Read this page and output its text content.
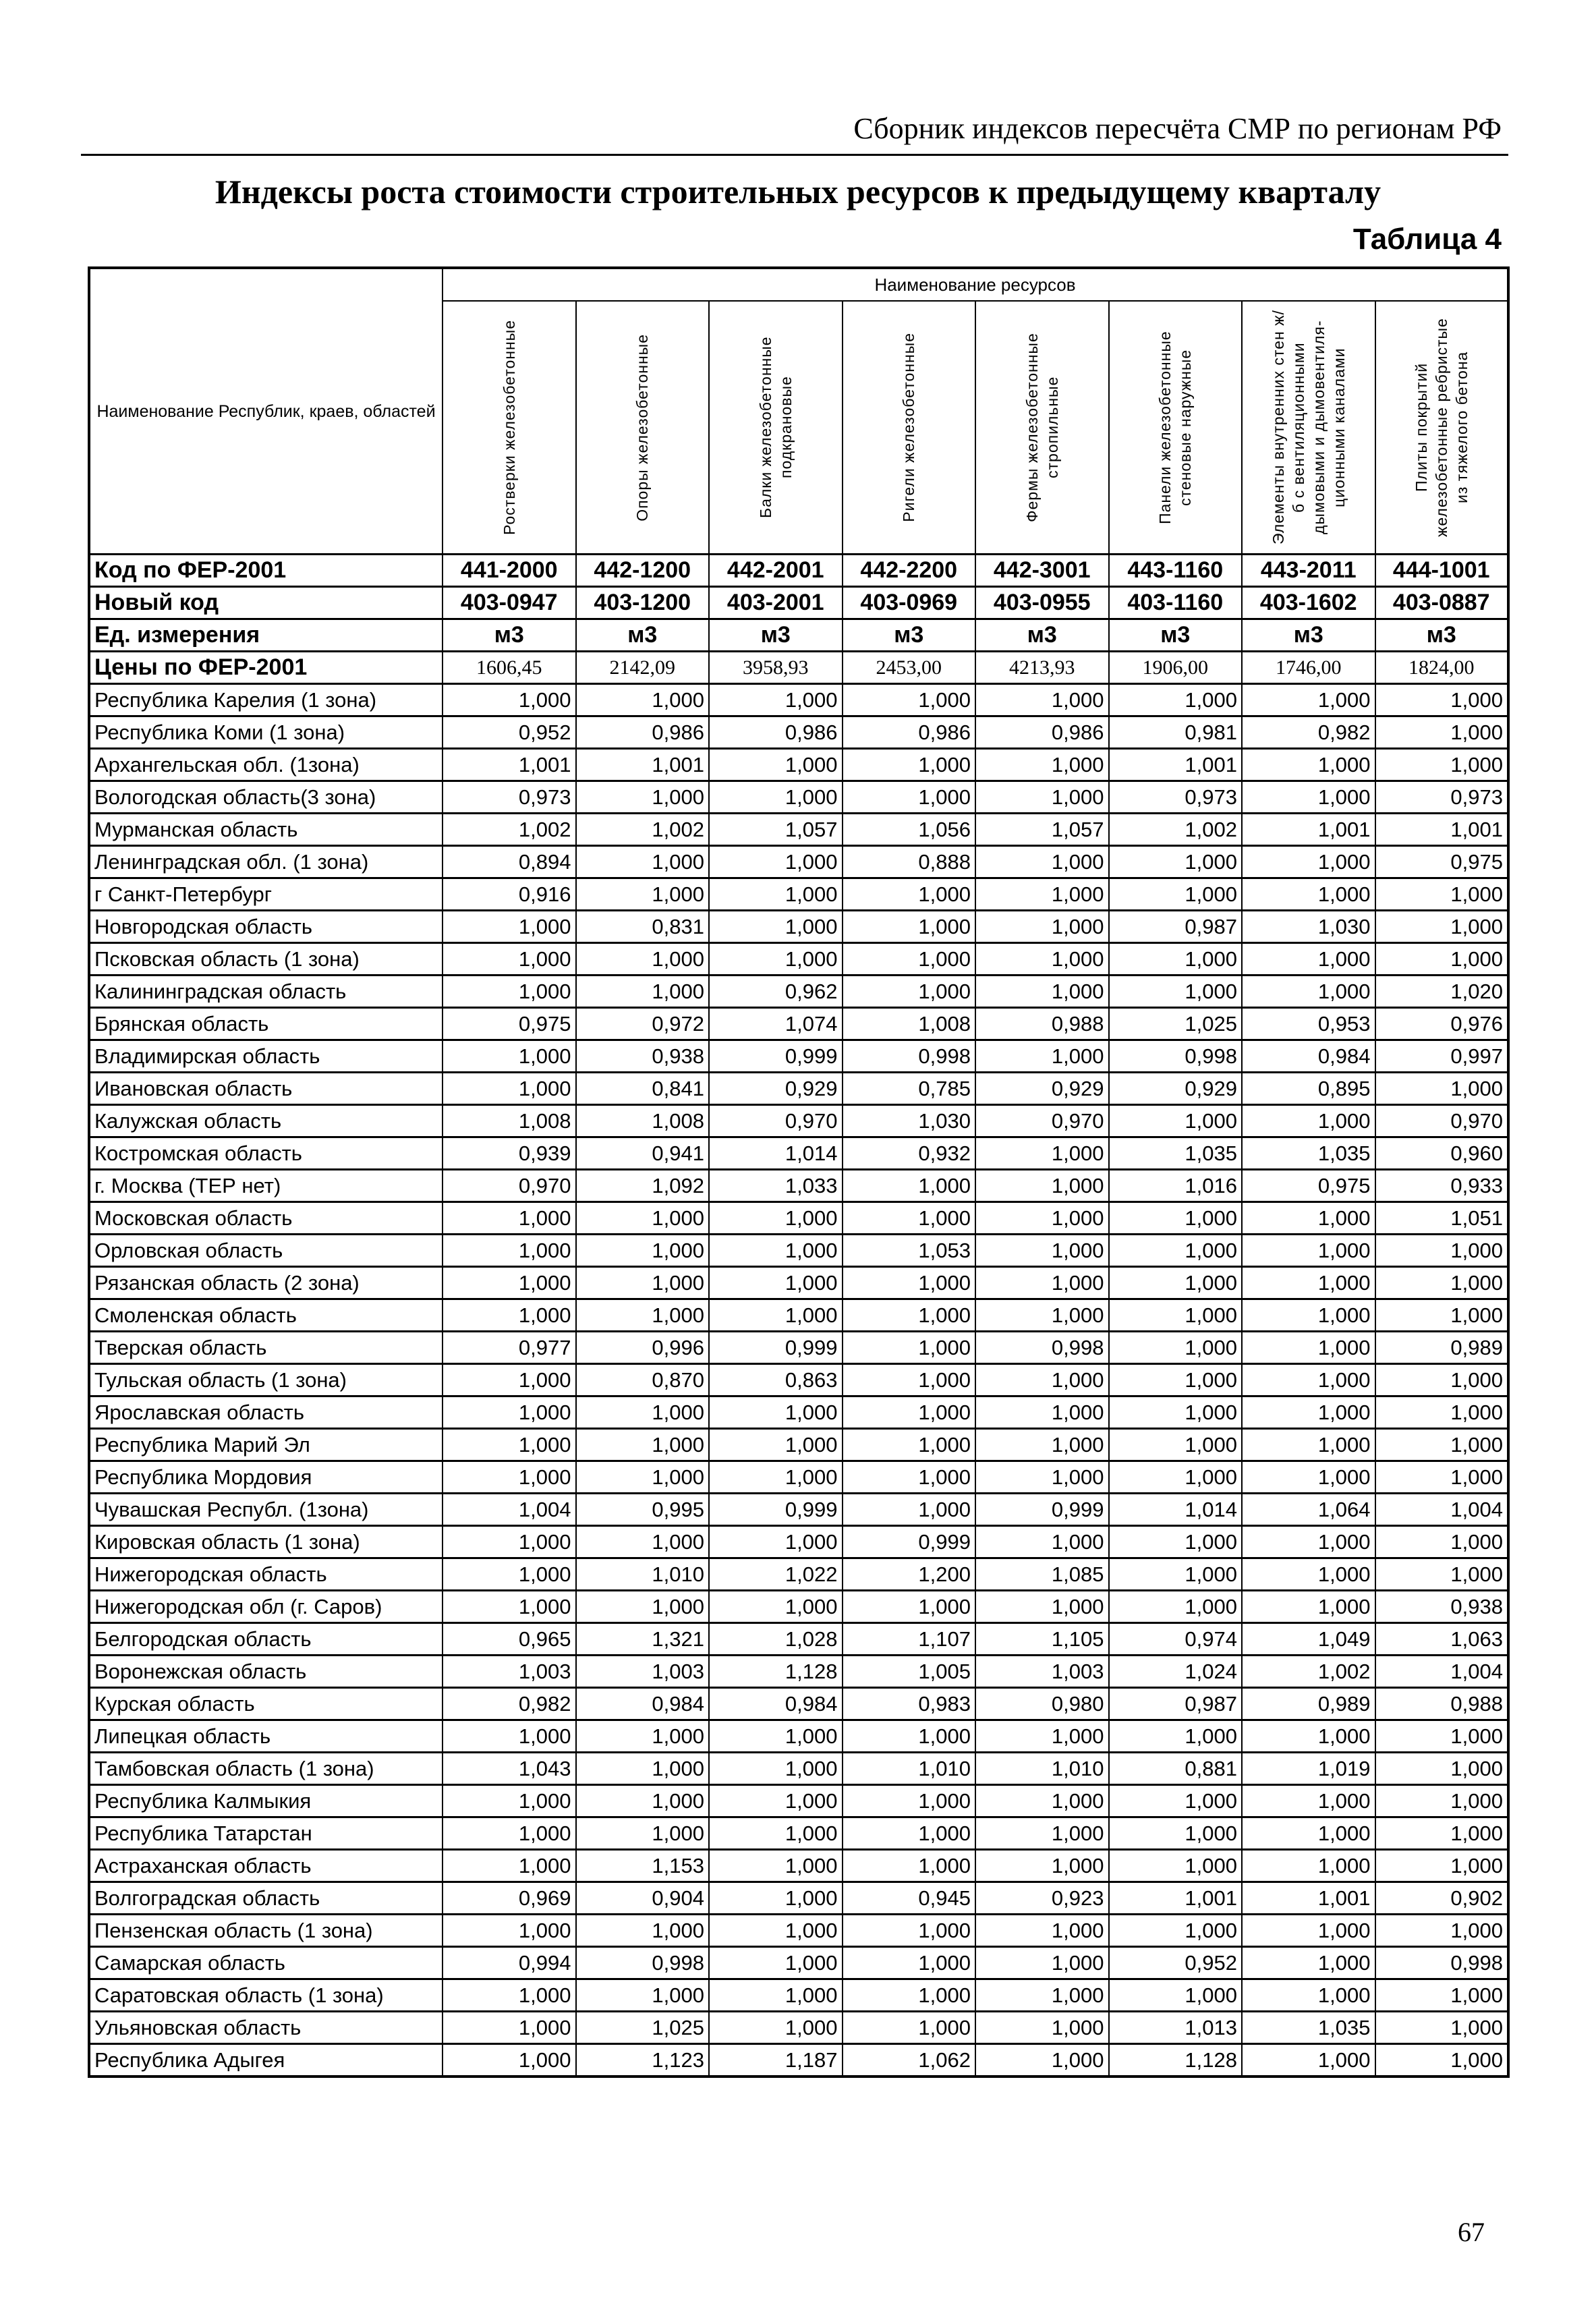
Сборник индексов пересчёта СМР по регионам РФ
Индексы роста стоимости строительных ресурсов к предыдущему кварталу
Таблица 4
Наименование Республик, краев, областей	Наименование ресурсов							

	Ростверки железобетонные	Опоры железобетонные	Балки железобетонные подкрановые	Ригели железобетонные	Фермы железобетонные стропильные	Панели железобетонные стеновые наружные	Элементы внутренних стен ж/б с вентиляционными дымовыми и дымовентиля-ционными каналами	Плиты покрытий железобетонные ребристые из тяжелого бетона

Код по ФЕР-2001	441-2000	442-1200	442-2001	442-2200	442-3001	443-1160	443-2011	444-1001
Новый код	403-0947	403-1200	403-2001	403-0969	403-0955	403-1160	403-1602	403-0887
Ед. измерения	м3	м3	м3	м3	м3	м3	м3	м3
Цены по ФЕР-2001	1606,45	2142,09	3958,93	2453,00	4213,93	1906,00	1746,00	1824,00
Республика Карелия (1 зона)	1,000	1,000	1,000	1,000	1,000	1,000	1,000	1,000
Республика Коми (1 зона)	0,952	0,986	0,986	0,986	0,986	0,981	0,982	1,000
Архангельская обл. (1зона)	1,001	1,001	1,000	1,000	1,000	1,001	1,000	1,000
Вологодская область(3 зона)	0,973	1,000	1,000	1,000	1,000	0,973	1,000	0,973
Мурманская область	1,002	1,002	1,057	1,056	1,057	1,002	1,001	1,001
Ленинградская обл. (1 зона)	0,894	1,000	1,000	0,888	1,000	1,000	1,000	0,975
г Санкт-Петербург	0,916	1,000	1,000	1,000	1,000	1,000	1,000	1,000
Новгородская область	1,000	0,831	1,000	1,000	1,000	0,987	1,030	1,000
Псковская область (1 зона)	1,000	1,000	1,000	1,000	1,000	1,000	1,000	1,000
Калининградская область	1,000	1,000	0,962	1,000	1,000	1,000	1,000	1,020
Брянская область	0,975	0,972	1,074	1,008	0,988	1,025	0,953	0,976
Владимирская область	1,000	0,938	0,999	0,998	1,000	0,998	0,984	0,997
Ивановская область	1,000	0,841	0,929	0,785	0,929	0,929	0,895	1,000
Калужская область	1,008	1,008	0,970	1,030	0,970	1,000	1,000	0,970
Костромская область	0,939	0,941	1,014	0,932	1,000	1,035	1,035	0,960
г. Москва (ТЕР нет)	0,970	1,092	1,033	1,000	1,000	1,016	0,975	0,933
Московская область	1,000	1,000	1,000	1,000	1,000	1,000	1,000	1,051
Орловская область	1,000	1,000	1,000	1,053	1,000	1,000	1,000	1,000
Рязанская область (2 зона)	1,000	1,000	1,000	1,000	1,000	1,000	1,000	1,000
Смоленская область	1,000	1,000	1,000	1,000	1,000	1,000	1,000	1,000
Тверская область	0,977	0,996	0,999	1,000	0,998	1,000	1,000	0,989
Тульская область (1 зона)	1,000	0,870	0,863	1,000	1,000	1,000	1,000	1,000
Ярославская область	1,000	1,000	1,000	1,000	1,000	1,000	1,000	1,000
Республика Марий Эл	1,000	1,000	1,000	1,000	1,000	1,000	1,000	1,000
Республика Мордовия	1,000	1,000	1,000	1,000	1,000	1,000	1,000	1,000
Чувашская Республ. (1зона)	1,004	0,995	0,999	1,000	0,999	1,014	1,064	1,004
Кировская область (1 зона)	1,000	1,000	1,000	0,999	1,000	1,000	1,000	1,000
Нижегородская область	1,000	1,010	1,022	1,200	1,085	1,000	1,000	1,000
Нижегородская обл (г. Саров)	1,000	1,000	1,000	1,000	1,000	1,000	1,000	0,938
Белгородская область	0,965	1,321	1,028	1,107	1,105	0,974	1,049	1,063
Воронежская область	1,003	1,003	1,128	1,005	1,003	1,024	1,002	1,004
Курская область	0,982	0,984	0,984	0,983	0,980	0,987	0,989	0,988
Липецкая область	1,000	1,000	1,000	1,000	1,000	1,000	1,000	1,000
Тамбовская область (1 зона)	1,043	1,000	1,000	1,010	1,010	0,881	1,019	1,000
Республика Калмыкия	1,000	1,000	1,000	1,000	1,000	1,000	1,000	1,000
Республика Татарстан	1,000	1,000	1,000	1,000	1,000	1,000	1,000	1,000
Астраханская область	1,000	1,153	1,000	1,000	1,000	1,000	1,000	1,000
Волгоградская область	0,969	0,904	1,000	0,945	0,923	1,001	1,001	0,902
Пензенская область (1 зона)	1,000	1,000	1,000	1,000	1,000	1,000	1,000	1,000
Самарская область	0,994	0,998	1,000	1,000	1,000	0,952	1,000	0,998
Саратовская область (1 зона)	1,000	1,000	1,000	1,000	1,000	1,000	1,000	1,000
Ульяновская область	1,000	1,025	1,000	1,000	1,000	1,013	1,035	1,000
Республика Адыгея	1,000	1,123	1,187	1,062	1,000	1,128	1,000	1,000
67
